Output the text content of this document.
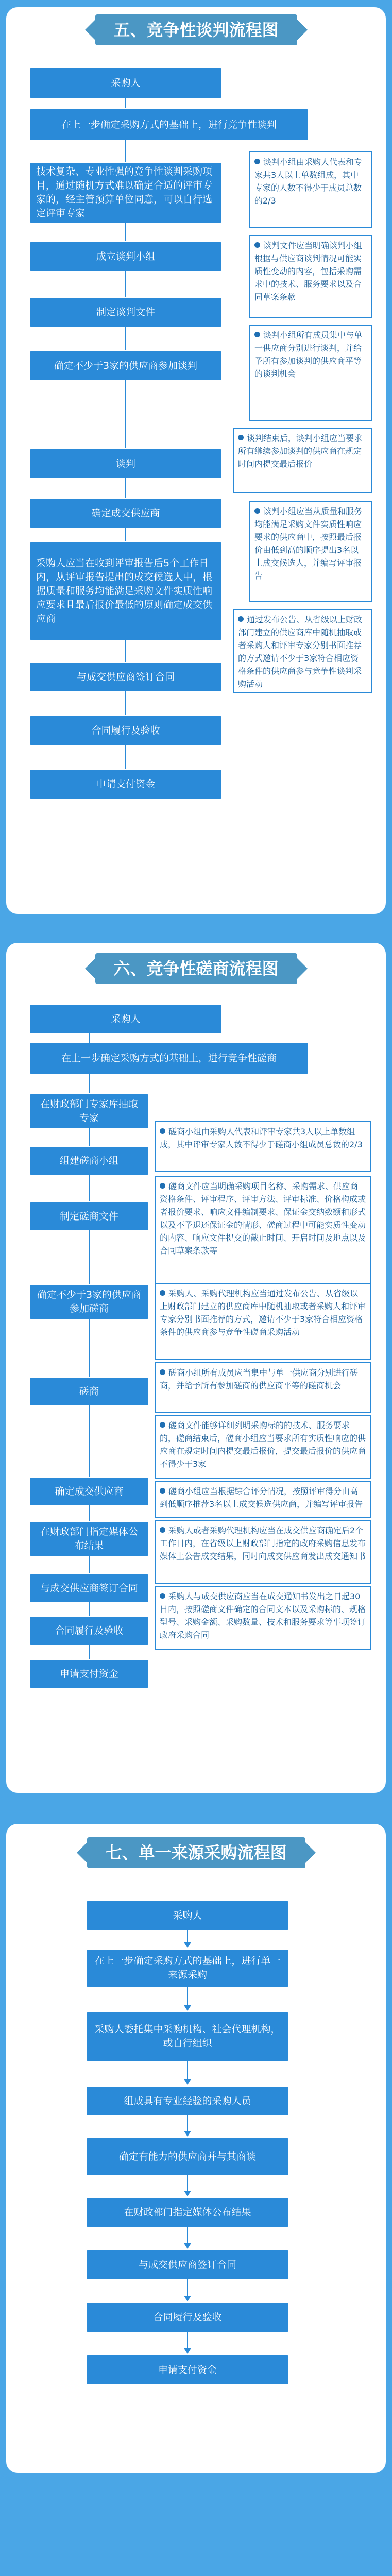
五、竞争性谈判流程图
采购人
在上一步确定采购方式的基础上，进行竞争性谈判
技术复杂、专业性强的竞争性谈判采购项目，通过随机方式难以确定合适的评审专家的，经主管预算单位同意，可以自行选定评审专家
成立谈判小组
制定谈判文件
确定不少于3家的供应商参加谈判
谈判
确定成交供应商
采购人应当在收到评审报告后5个工作日内，从评审报告提出的成交候选人中，根据质量和服务均能满足采购文件实质性响应要求且最后报价最低的原则确定成交供应商
与成交供应商签订合同
合同履行及验收
申请支付资金
谈判小组由采购人代表和专家共3人以上单数组成，其中专家的人数不得少于成员总数的2/3
谈判文件应当明确谈判小组根据与供应商谈判情况可能实质性变动的内容，包括采购需求中的技术、服务要求以及合同草案条款
谈判小组所有成员集中与单一供应商分别进行谈判，并给予所有参加谈判的供应商平等的谈判机会
谈判结束后，谈判小组应当要求所有继续参加谈判的供应商在规定时间内提交最后报价
谈判小组应当从质量和服务均能满足采购文件实质性响应要求的供应商中，按照最后报价由低到高的顺序提出3名以上成交候选人，并编写评审报告
通过发布公告、从省级以上财政部门建立的供应商库中随机抽取或者采购人和评审专家分别书面推荐的方式邀请不少于3家符合相应资格条件的供应商参与竞争性谈判采购活动
六、竞争性磋商流程图
采购人
在上一步确定采购方式的基础上，进行竞争性磋商
在财政部门专家库抽取专家
组建磋商小组
制定磋商文件
确定不少于3家的供应商参加磋商
磋商
确定成交供应商
在财政部门指定媒体公布结果
与成交供应商签订合同
合同履行及验收
申请支付资金
磋商小组由采购人代表和评审专家共3人以上单数组成，其中评审专家人数不得少于磋商小组成员总数的2/3
磋商文件应当明确采购项目名称、采购需求、供应商资格条件、评审程序、评审方法、评审标准、价格构成或者报价要求、响应文件编制要求、保证金交纳数额和形式以及不予退还保证金的情形、磋商过程中可能实质性变动的内容、响应文件提交的截止时间、开启时间及地点以及合同草案条款等
采购人、采购代理机构应当通过发布公告、从省级以上财政部门建立的供应商库中随机抽取或者采购人和评审专家分别书面推荐的方式，邀请不少于3家符合相应资格条件的供应商参与竞争性磋商采购活动
磋商小组所有成员应当集中与单一供应商分别进行磋商，并给予所有参加磋商的供应商平等的磋商机会
磋商文件能够详细列明采购标的的技术、服务要求的，磋商结束后，磋商小组应当要求所有实质性响应的供应商在规定时间内提交最后报价，提交最后报价的供应商不得少于3家
磋商小组应当根据综合评分情况，按照评审得分由高到低顺序推荐3名以上成交候选供应商，并编写评审报告
采购人或者采购代理机构应当在成交供应商确定后2个工作日内，在省级以上财政部门指定的政府采购信息发布媒体上公告成交结果，同时向成交供应商发出成交通知书
采购人与成交供应商应当在成交通知书发出之日起30日内，按照磋商文件确定的合同文本以及采购标的、规格型号、采购金额、采购数量、技术和服务要求等事项签订政府采购合同
七、单一来源采购流程图
采购人
在上一步确定采购方式的基础上，进行单一来源采购
采购人委托集中采购机构、社会代理机构，或自行组织
组成具有专业经验的采购人员
确定有能力的供应商并与其商谈
在财政部门指定媒体公布结果
与成交供应商签订合同
合同履行及验收
申请支付资金
